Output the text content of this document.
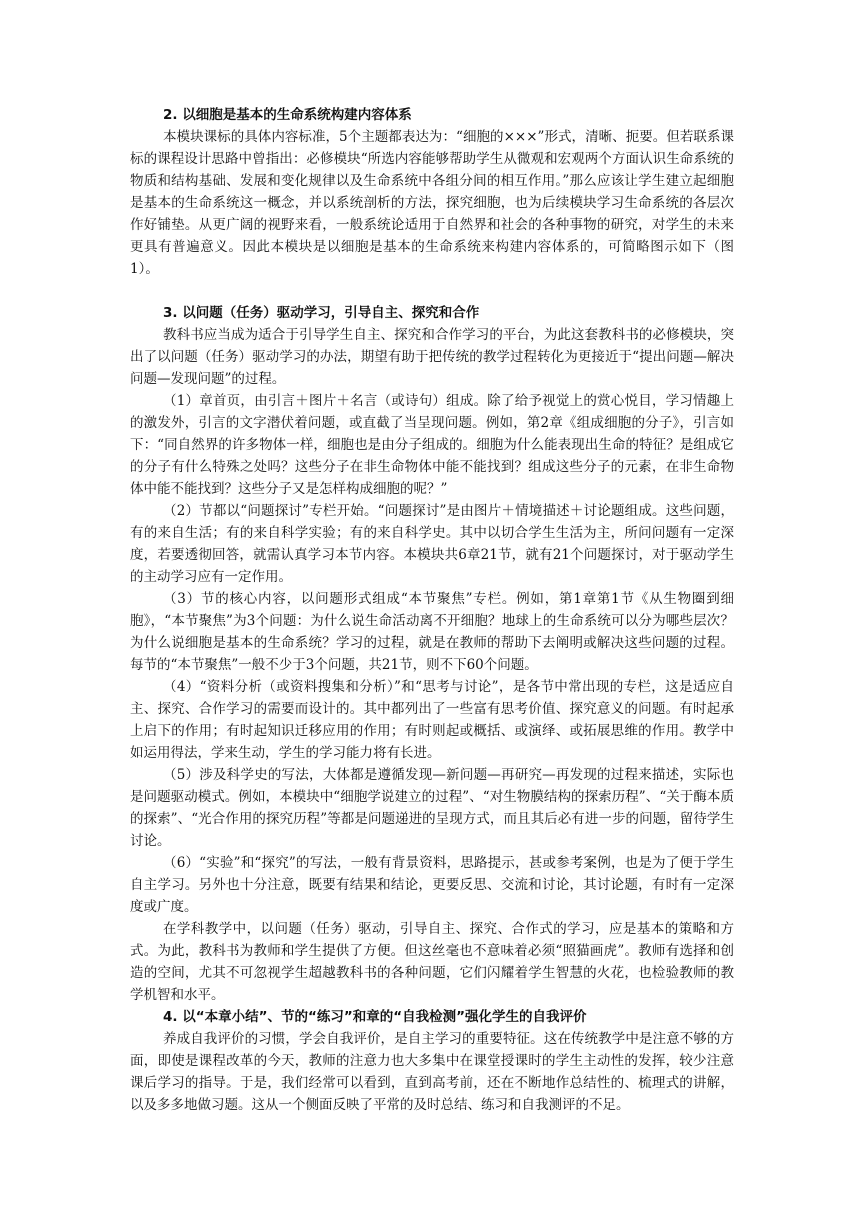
2. 以细胞是基本的生命系统构建内容体系

本模块课标的具体内容标准，5个主题都表达为：“细胞的×××”形式，清晰、扼要。但若联系课标的课程设计思路中曾指出：必修模块“所选内容能够帮助学生从微观和宏观两个方面认识生命系统的物质和结构基础、发展和变化规律以及生命系统中各组分间的相互作用。”那么应该让学生建立起细胞是基本的生命系统这一概念，并以系统剖析的方法，探究细胞，也为后续模块学习生命系统的各层次作好铺垫。从更广阔的视野来看，一般系统论适用于自然界和社会的各种事物的研究，对学生的未来更具有普遍意义。因此本模块是以细胞是基本的生命系统来构建内容体系的，可简略图示如下（图1）。

3. 以问题（任务）驱动学习，引导自主、探究和合作

教科书应当成为适合于引导学生自主、探究和合作学习的平台，为此这套教科书的必修模块，突出了以问题（任务）驱动学习的办法，期望有助于把传统的教学过程转化为更接近于“提出问题—解决问题—发现问题”的过程。

（1）章首页，由引言＋图片＋名言（或诗句）组成。除了给予视觉上的赏心悦目，学习情趣上的激发外，引言的文字潜伏着问题，或直截了当呈现问题。例如，第2章《组成细胞的分子》，引言如下：“同自然界的许多物体一样，细胞也是由分子组成的。细胞为什么能表现出生命的特征？是组成它的分子有什么特殊之处吗？这些分子在非生命物体中能不能找到？组成这些分子的元素，在非生命物体中能不能找到？这些分子又是怎样构成细胞的呢？”

（2）节都以“问题探讨”专栏开始。“问题探讨”是由图片＋情境描述＋讨论题组成。这些问题，有的来自生活；有的来自科学实验；有的来自科学史。其中以切合学生生活为主，所问问题有一定深度，若要透彻回答，就需认真学习本节内容。本模块共6章21节，就有21个问题探讨，对于驱动学生的主动学习应有一定作用。

（3）节的核心内容，以问题形式组成“本节聚焦”专栏。例如，第1章第1节《从生物圈到细胞》，“本节聚焦”为3个问题：为什么说生命活动离不开细胞？地球上的生命系统可以分为哪些层次？为什么说细胞是基本的生命系统？学习的过程，就是在教师的帮助下去阐明或解决这些问题的过程。每节的“本节聚焦”一般不少于3个问题，共21节，则不下60个问题。

（4）“资料分析（或资料搜集和分析）”和“思考与讨论”，是各节中常出现的专栏，这是适应自主、探究、合作学习的需要而设计的。其中都列出了一些富有思考价值、探究意义的问题。有时起承上启下的作用；有时起知识迁移应用的作用；有时则起或概括、或演绎、或拓展思维的作用。教学中如运用得法，学来生动，学生的学习能力将有长进。

（5）涉及科学史的写法，大体都是遵循发现—新问题—再研究—再发现的过程来描述，实际也是问题驱动模式。例如，本模块中“细胞学说建立的过程”、“对生物膜结构的探索历程”、“关于酶本质的探索”、“光合作用的探究历程”等都是问题递进的呈现方式，而且其后必有进一步的问题，留待学生讨论。

（6）“实验”和“探究”的写法，一般有背景资料，思路提示，甚或参考案例，也是为了便于学生自主学习。另外也十分注意，既要有结果和结论，更要反思、交流和讨论，其讨论题，有时有一定深度或广度。

在学科教学中，以问题（任务）驱动，引导自主、探究、合作式的学习，应是基本的策略和方式。为此，教科书为教师和学生提供了方便。但这丝毫也不意味着必须“照猫画虎”。教师有选择和创造的空间，尤其不可忽视学生超越教科书的各种问题，它们闪耀着学生智慧的火花，也检验教师的教学机智和水平。

4. 以“本章小结”、节的“练习”和章的“自我检测”强化学生的自我评价

养成自我评价的习惯，学会自我评价，是自主学习的重要特征。这在传统教学中是注意不够的方面，即使是课程改革的今天，教师的注意力也大多集中在课堂授课时的学生主动性的发挥，较少注意课后学习的指导。于是，我们经常可以看到，直到高考前，还在不断地作总结性的、梳理式的讲解，以及多多地做习题。这从一个侧面反映了平常的及时总结、练习和自我测评的不足。
